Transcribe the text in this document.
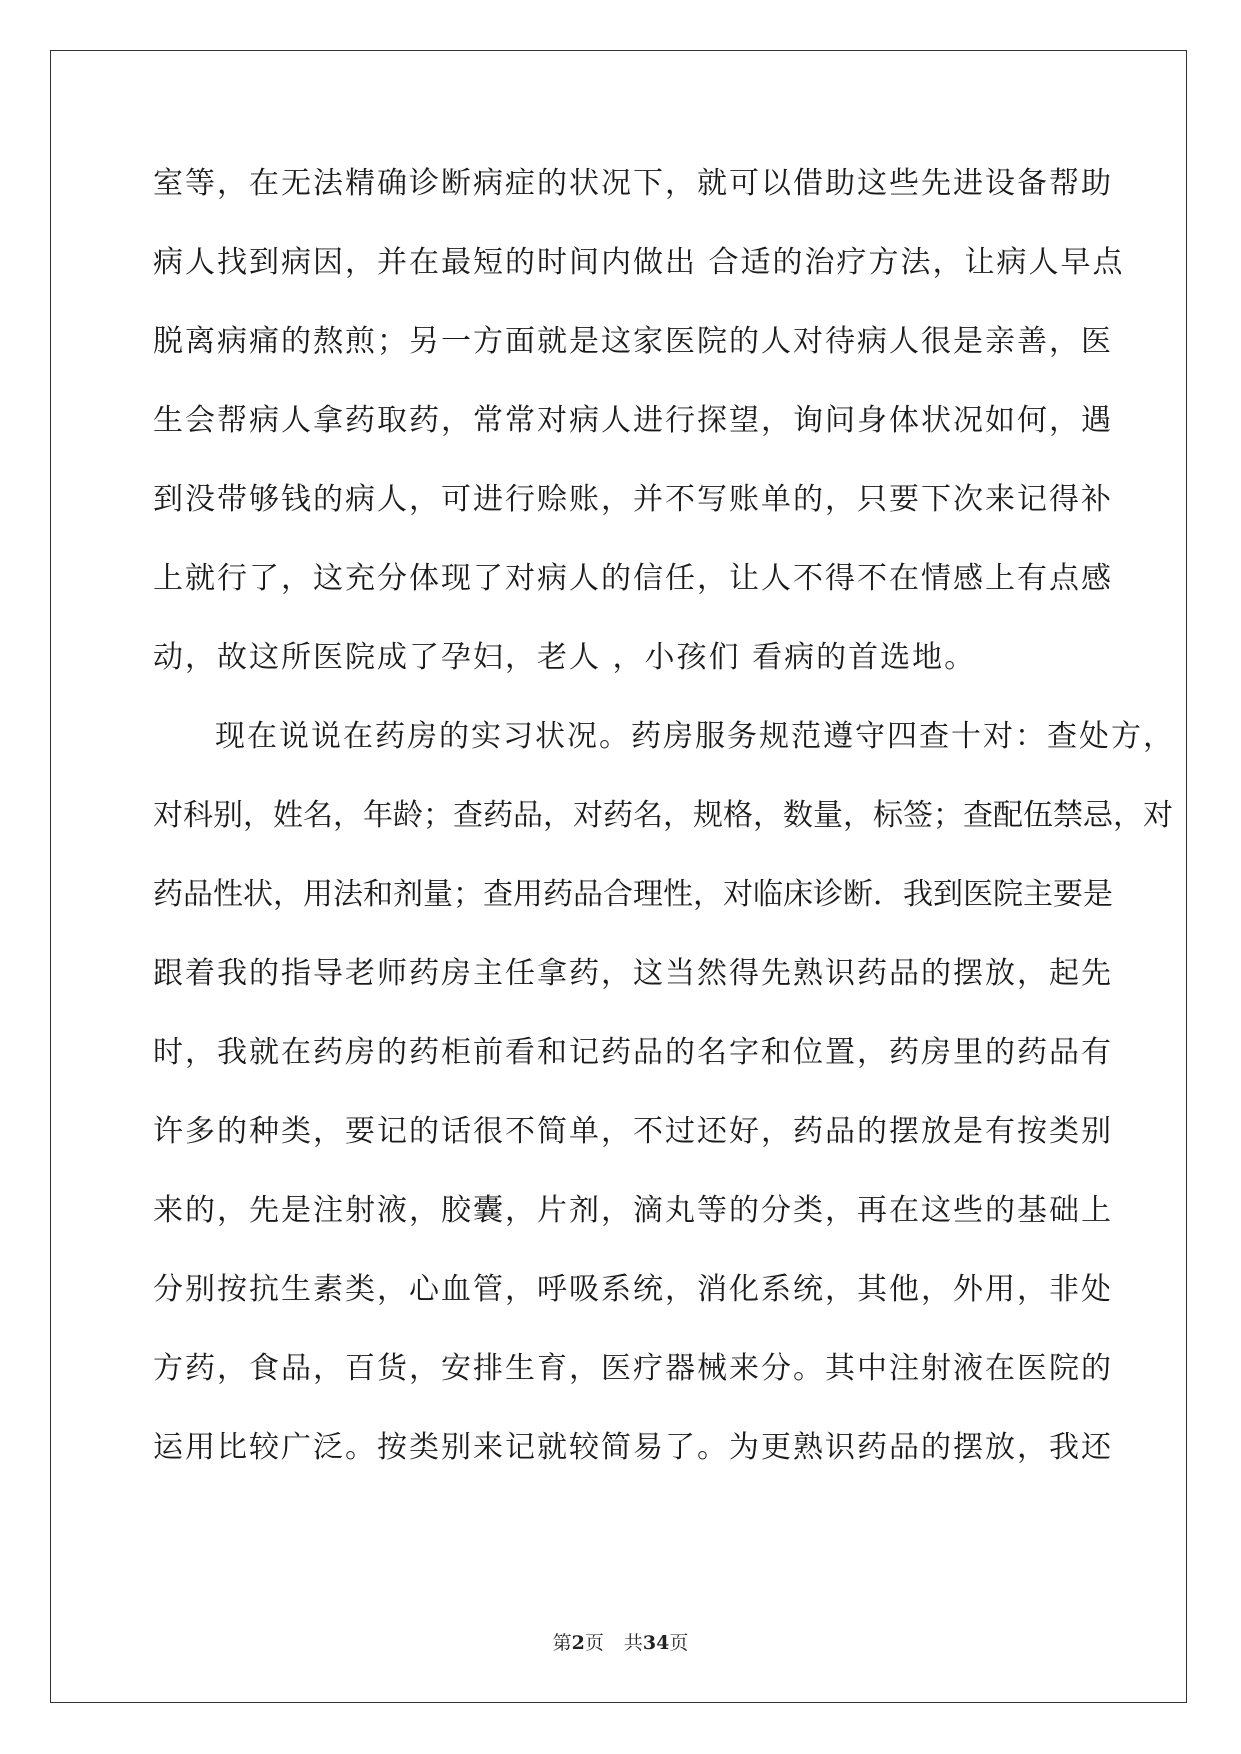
室等，在无法精确诊断病症的状况下，就可以借助这些先进设备帮助
病人找到病因，并在最短的时间内做出 合适的治疗方法，让病人早点
脱离病痛的熬煎；另一方面就是这家医院的人对待病人很是亲善，医
生会帮病人拿药取药，常常对病人进行探望，询问身体状况如何，遇
到没带够钱的病人，可进行赊账，并不写账单的，只要下次来记得补
上就行了，这充分体现了对病人的信任，让人不得不在情感上有点感
动，故这所医院成了孕妇，老人 ，小孩们 看病的首选地。
现在说说在药房的实习状况。药房服务规范遵守四查十对：查处方，
对科别，姓名，年龄；查药品，对药名，规格，数量，标签；查配伍禁忌，对
药品性状，用法和剂量；查用药品合理性，对临床诊断．我到医院主要是
跟着我的指导老师药房主任拿药，这当然得先熟识药品的摆放，起先
时，我就在药房的药柜前看和记药品的名字和位置，药房里的药品有
许多的种类，要记的话很不简单，不过还好，药品的摆放是有按类别
来的，先是注射液，胶囊，片剂，滴丸等的分类，再在这些的基础上
分别按抗生素类，心血管，呼吸系统，消化系统，其他，外用，非处
方药，食品，百货，安排生育，医疗器械来分。其中注射液在医院的
运用比较广泛。按类别来记就较简易了。为更熟识药品的摆放，我还
第2页 共34页
